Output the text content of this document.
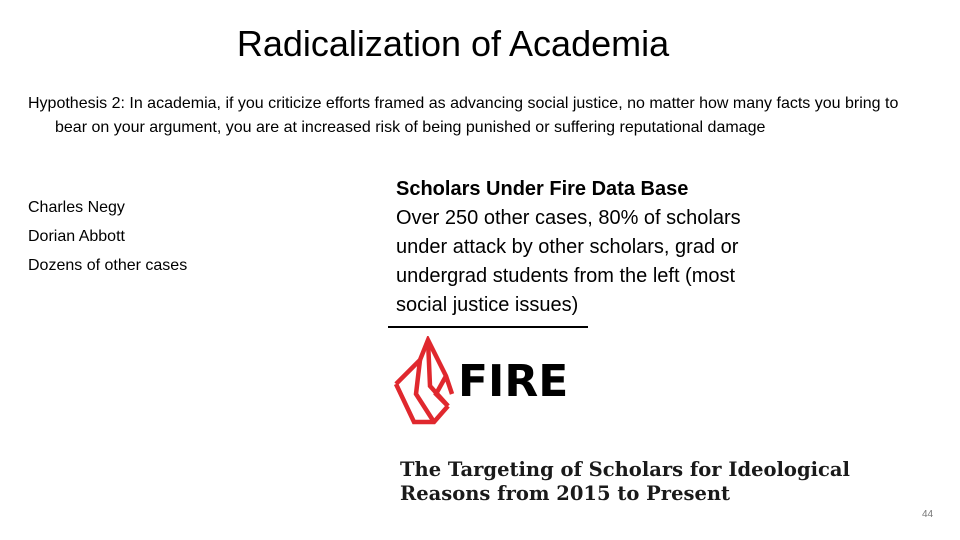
Radicalization of Academia
Hypothesis 2: In academia, if you criticize efforts framed as advancing social justice, no matter how many facts you bring to bear on your argument, you are at increased risk of being punished or suffering reputational damage
Charles Negy
Dorian Abbott
Dozens of other cases
Scholars Under Fire Data Base
Over 250 other cases, 80% of scholars
under attack by other scholars, grad or
undergrad students from the left (most
social justice issues)
FIRE
The Targeting of Scholars for Ideological
Reasons from 2015 to Present
44
